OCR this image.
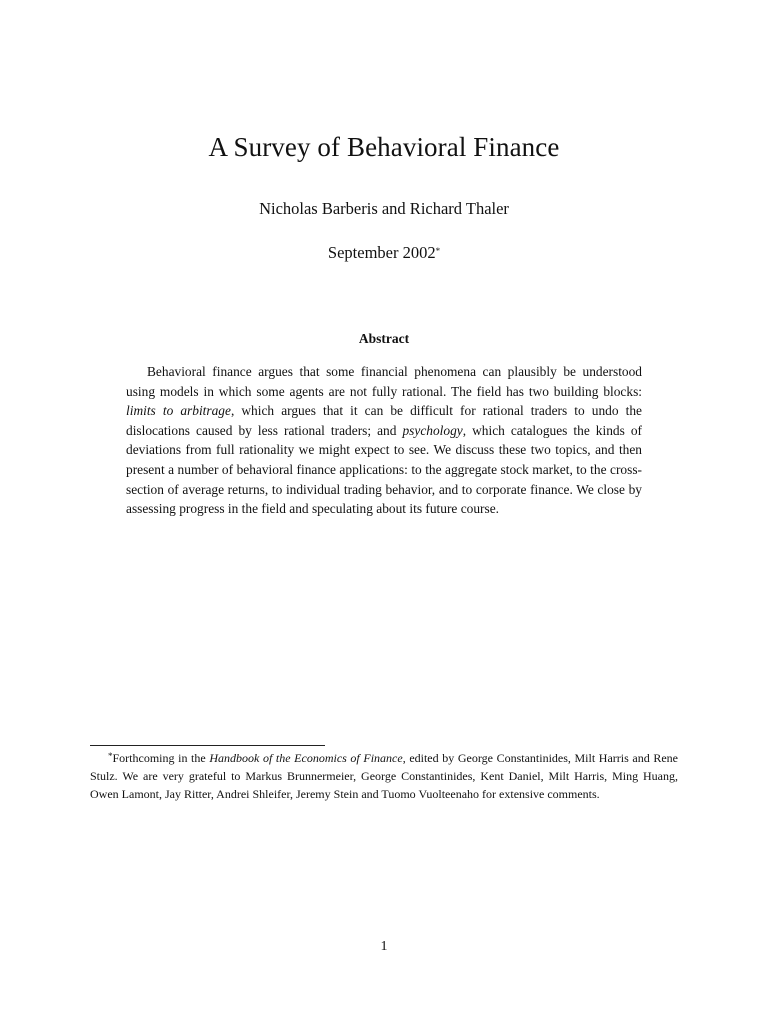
A Survey of Behavioral Finance
Nicholas Barberis and Richard Thaler
September 2002*
Abstract
Behavioral finance argues that some financial phenomena can plausibly be understood using models in which some agents are not fully rational. The field has two building blocks: limits to arbitrage, which argues that it can be difficult for rational traders to undo the dislocations caused by less rational traders; and psychology, which catalogues the kinds of deviations from full rationality we might expect to see. We discuss these two topics, and then present a number of behavioral finance applications: to the aggregate stock market, to the cross-section of average returns, to individual trading behavior, and to corporate finance. We close by assessing progress in the field and speculating about its future course.
*Forthcoming in the Handbook of the Economics of Finance, edited by George Constantinides, Milt Harris and Rene Stulz. We are very grateful to Markus Brunnermeier, George Constantinides, Kent Daniel, Milt Harris, Ming Huang, Owen Lamont, Jay Ritter, Andrei Shleifer, Jeremy Stein and Tuomo Vuolteenaho for extensive comments.
1
